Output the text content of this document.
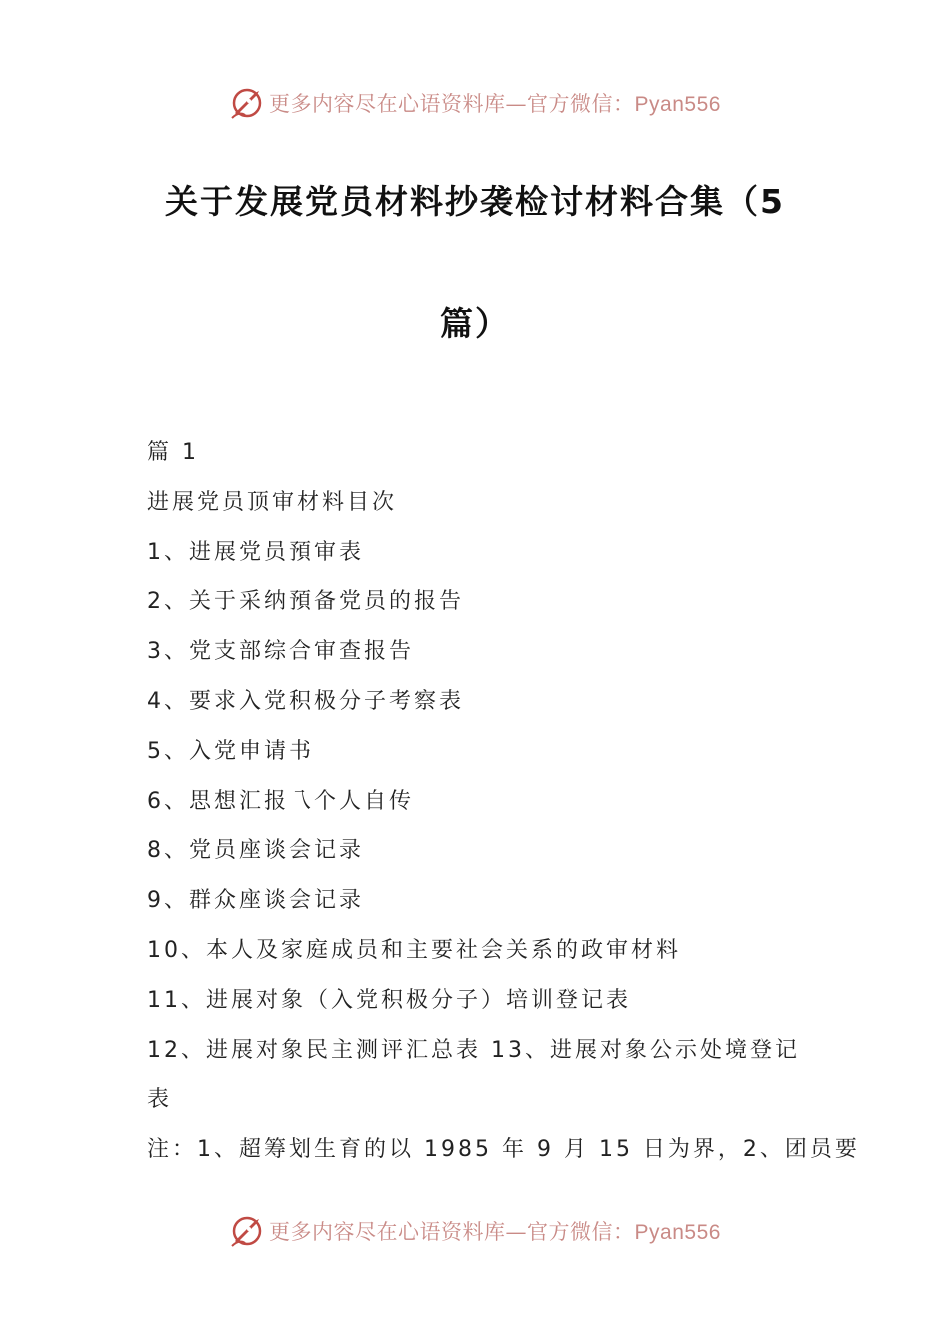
更多内容尽在心语资料库—官方微信：Pyan556
关于发展党员材料抄袭检讨材料合集（5
篇）
篇 1
进展党员顶审材料目次
1、进展党员預审表
2、关于采纳預备党员的报告
3、党支部综合审查报告
4、要求入党积极分子考察表
5、入党申请书
6、思想汇报乁个人自传
8、党员座谈会记录
9、群众座谈会记录
10、本人及家庭成员和主要社会关系的政审材料
11、进展对象（入党积极分子）培训登记表
12、进展对象民主测评汇总表 13、进展对象公示处境登记
表
注：1、超筹划生育的以 1985 年 9 月 15 日为界，2、团员要
更多内容尽在心语资料库—官方微信：Pyan556
